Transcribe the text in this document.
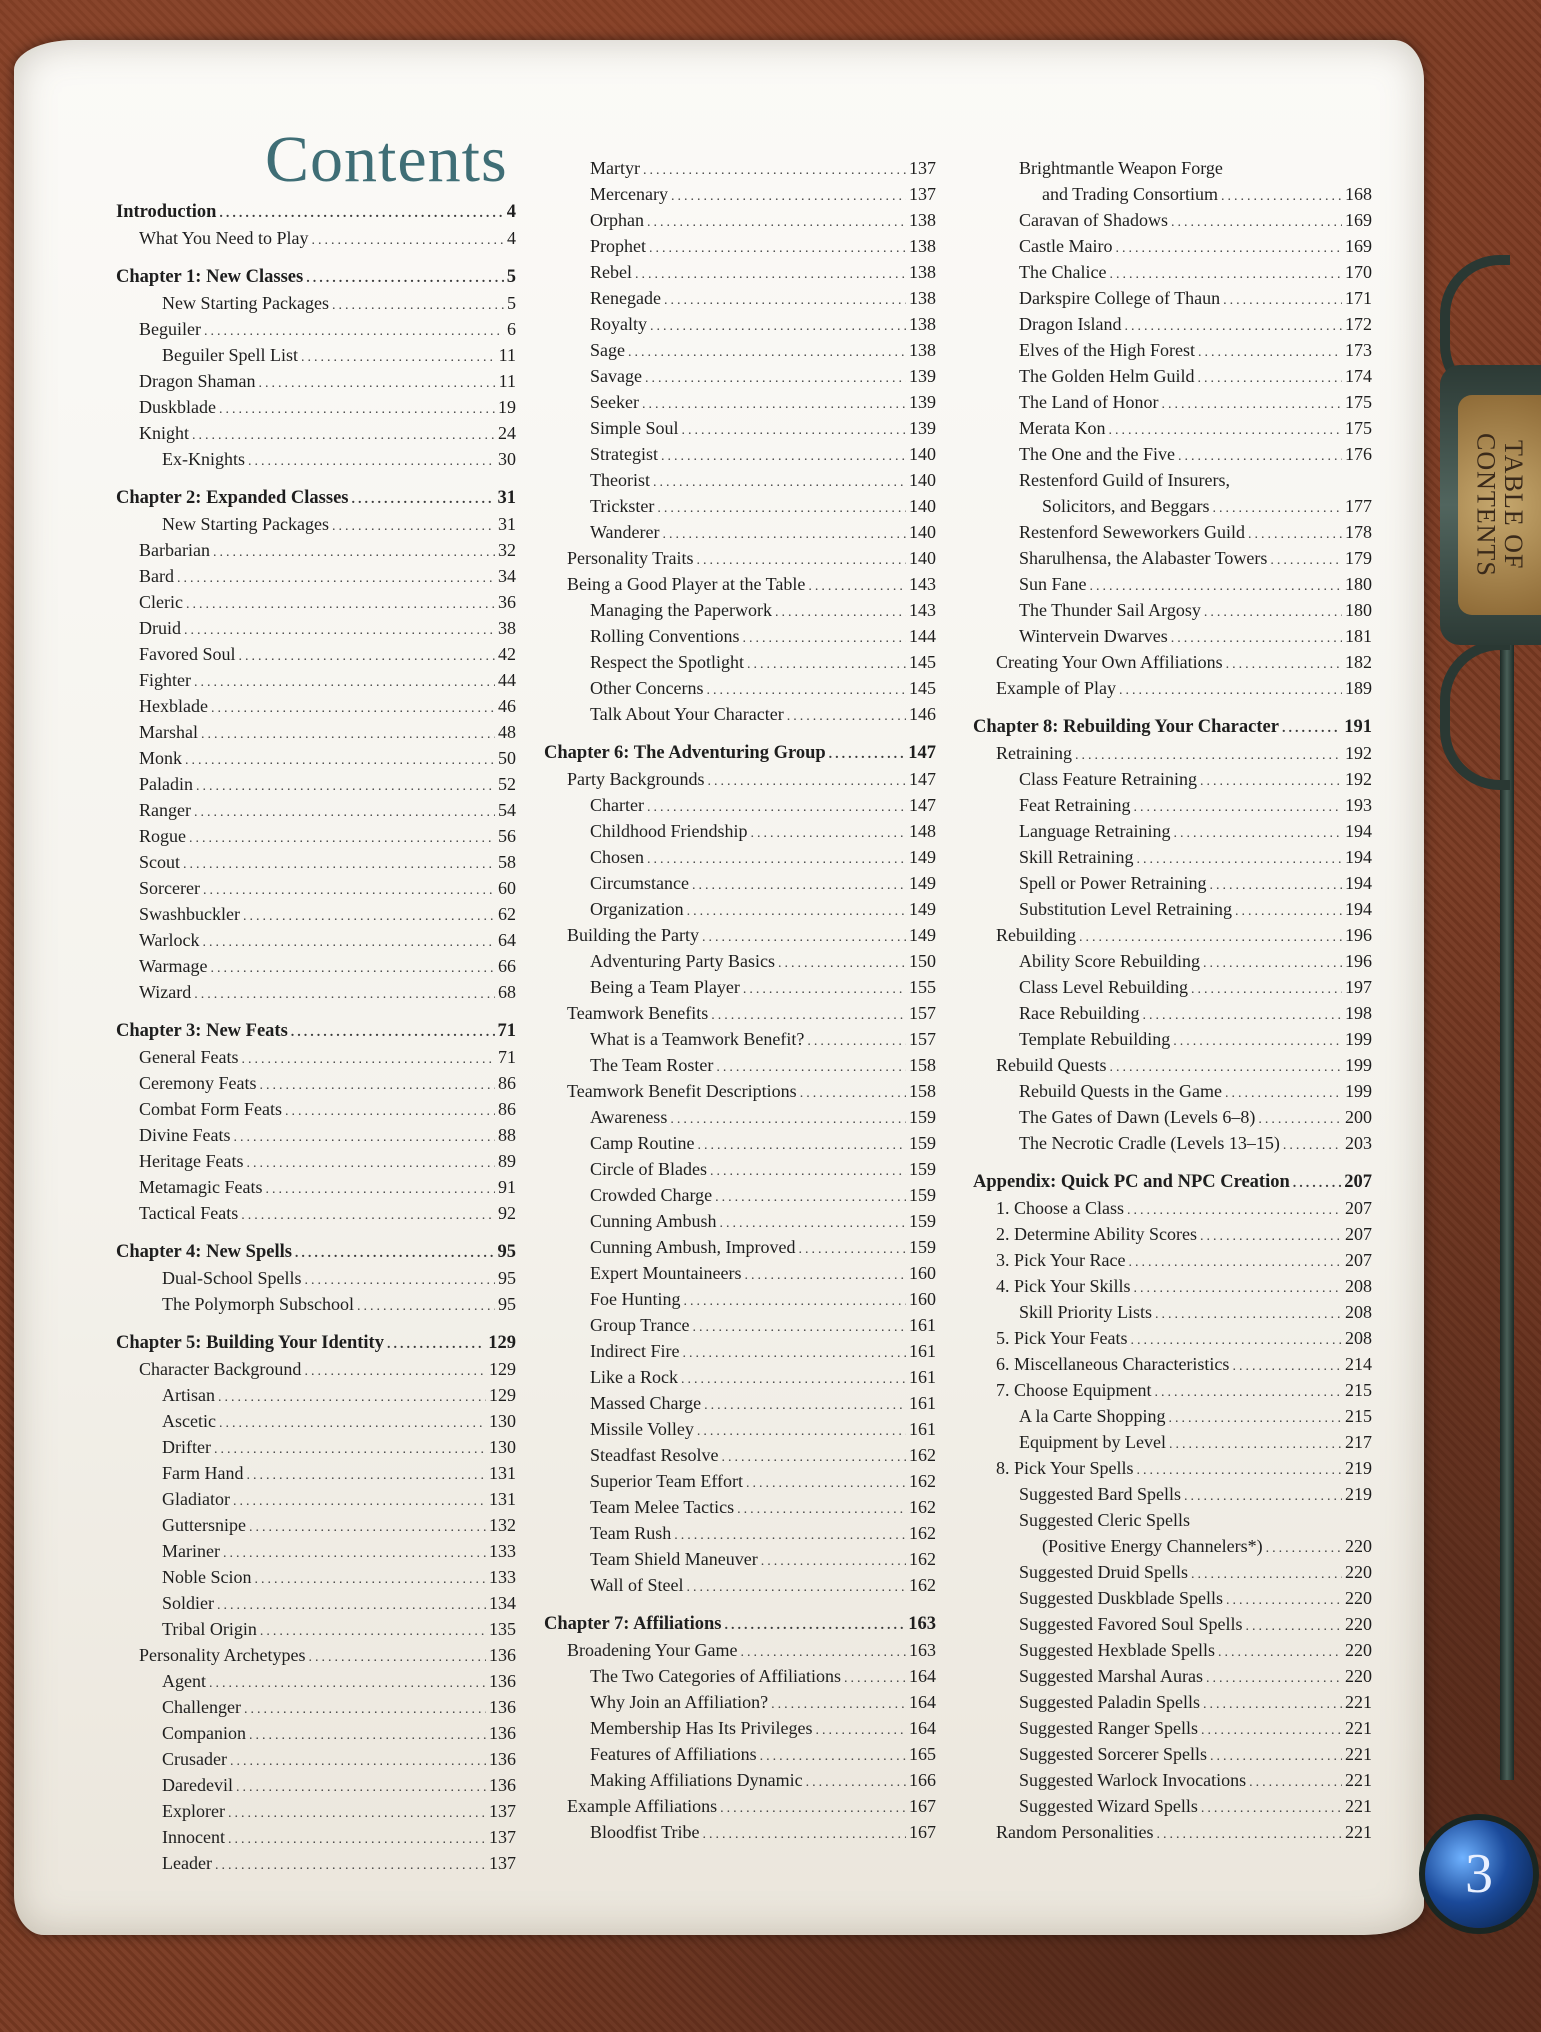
TABLE OF CONTENTS
3
Contents
Introduction .....	4
What You Need to Play .....	4
Chapter 1: New Classes .....	5
New Starting Packages .....	5
Beguiler .....	6
Beguiler Spell List .....	11
Dragon Shaman .....	11
Duskblade .....	19
Knight .....	24
Ex-Knights .....	30
Chapter 2: Expanded Classes .....	31
New Starting Packages .....	31
Barbarian .....	32
Bard .....	34
Cleric .....	36
Druid .....	38
Favored Soul .....	42
Fighter .....	44
Hexblade .....	46
Marshal .....	48
Monk .....	50
Paladin .....	52
Ranger .....	54
Rogue .....	56
Scout .....	58
Sorcerer .....	60
Swashbuckler .....	62
Warlock .....	64
Warmage .....	66
Wizard .....	68
Chapter 3: New Feats .....	71
General Feats .....	71
Ceremony Feats .....	86
Combat Form Feats .....	86
Divine Feats .....	88
Heritage Feats .....	89
Metamagic Feats .....	91
Tactical Feats .....	92
Chapter 4: New Spells .....	95
Dual-School Spells .....	95
The Polymorph Subschool .....	95
Chapter 5: Building Your Identity .....	129
Character Background .....	129
Artisan .....	129
Ascetic .....	130
Drifter .....	130
Farm Hand .....	131
Gladiator .....	131
Guttersnipe .....	132
Mariner .....	133
Noble Scion .....	133
Soldier .....	134
Tribal Origin .....	135
Personality Archetypes .....	136
Agent .....	136
Challenger .....	136
Companion .....	136
Crusader .....	136
Daredevil .....	136
Explorer .....	137
Innocent .....	137
Leader .....	137
Martyr .....	137
Mercenary .....	137
Orphan .....	138
Prophet .....	138
Rebel .....	138
Renegade .....	138
Royalty .....	138
Sage .....	138
Savage .....	139
Seeker .....	139
Simple Soul .....	139
Strategist .....	140
Theorist .....	140
Trickster .....	140
Wanderer .....	140
Personality Traits .....	140
Being a Good Player at the Table .....	143
Managing the Paperwork .....	143
Rolling Conventions .....	144
Respect the Spotlight .....	145
Other Concerns .....	145
Talk About Your Character .....	146
Chapter 6: The Adventuring Group .....	147
Party Backgrounds .....	147
Charter .....	147
Childhood Friendship .....	148
Chosen .....	149
Circumstance .....	149
Organization .....	149
Building the Party .....	149
Adventuring Party Basics .....	150
Being a Team Player .....	155
Teamwork Benefits .....	157
What is a Teamwork Benefit? .....	157
The Team Roster .....	158
Teamwork Benefit Descriptions .....	158
Awareness .....	159
Camp Routine .....	159
Circle of Blades .....	159
Crowded Charge .....	159
Cunning Ambush .....	159
Cunning Ambush, Improved .....	159
Expert Mountaineers .....	160
Foe Hunting .....	160
Group Trance .....	161
Indirect Fire .....	161
Like a Rock .....	161
Massed Charge .....	161
Missile Volley .....	161
Steadfast Resolve .....	162
Superior Team Effort .....	162
Team Melee Tactics .....	162
Team Rush .....	162
Team Shield Maneuver .....	162
Wall of Steel .....	162
Chapter 7: Affiliations .....	163
Broadening Your Game .....	163
The Two Categories of Affiliations .....	164
Why Join an Affiliation? .....	164
Membership Has Its Privileges .....	164
Features of Affiliations .....	165
Making Affiliations Dynamic .....	166
Example Affiliations .....	167
Bloodfist Tribe .....	167
Brightmantle Weapon Forge
and Trading Consortium .....	168
Caravan of Shadows .....	169
Castle Mairo .....	169
The Chalice .....	170
Darkspire College of Thaun .....	171
Dragon Island .....	172
Elves of the High Forest .....	173
The Golden Helm Guild .....	174
The Land of Honor .....	175
Merata Kon .....	175
The One and the Five .....	176
Restenford Guild of Insurers,
Solicitors, and Beggars .....	177
Restenford Seweworkers Guild .....	178
Sharulhensa, the Alabaster Towers .....	179
Sun Fane .....	180
The Thunder Sail Argosy .....	180
Wintervein Dwarves .....	181
Creating Your Own Affiliations .....	182
Example of Play .....	189
Chapter 8: Rebuilding Your Character .....	191
Retraining .....	192
Class Feature Retraining .....	192
Feat Retraining .....	193
Language Retraining .....	194
Skill Retraining .....	194
Spell or Power Retraining .....	194
Substitution Level Retraining .....	194
Rebuilding .....	196
Ability Score Rebuilding .....	196
Class Level Rebuilding .....	197
Race Rebuilding .....	198
Template Rebuilding .....	199
Rebuild Quests .....	199
Rebuild Quests in the Game .....	199
The Gates of Dawn (Levels 6–8) .....	200
The Necrotic Cradle (Levels 13–15) .....	203
Appendix: Quick PC and NPC Creation .....	207
1. Choose a Class .....	207
2. Determine Ability Scores .....	207
3. Pick Your Race .....	207
4. Pick Your Skills .....	208
Skill Priority Lists .....	208
5. Pick Your Feats .....	208
6. Miscellaneous Characteristics .....	214
7. Choose Equipment .....	215
A la Carte Shopping .....	215
Equipment by Level .....	217
8. Pick Your Spells .....	219
Suggested Bard Spells .....	219
Suggested Cleric Spells
(Positive Energy Channelers*) .....	220
Suggested Druid Spells .....	220
Suggested Duskblade Spells .....	220
Suggested Favored Soul Spells .....	220
Suggested Hexblade Spells .....	220
Suggested Marshal Auras .....	220
Suggested Paladin Spells .....	221
Suggested Ranger Spells .....	221
Suggested Sorcerer Spells .....	221
Suggested Warlock Invocations .....	221
Suggested Wizard Spells .....	221
Random Personalities .....	221
